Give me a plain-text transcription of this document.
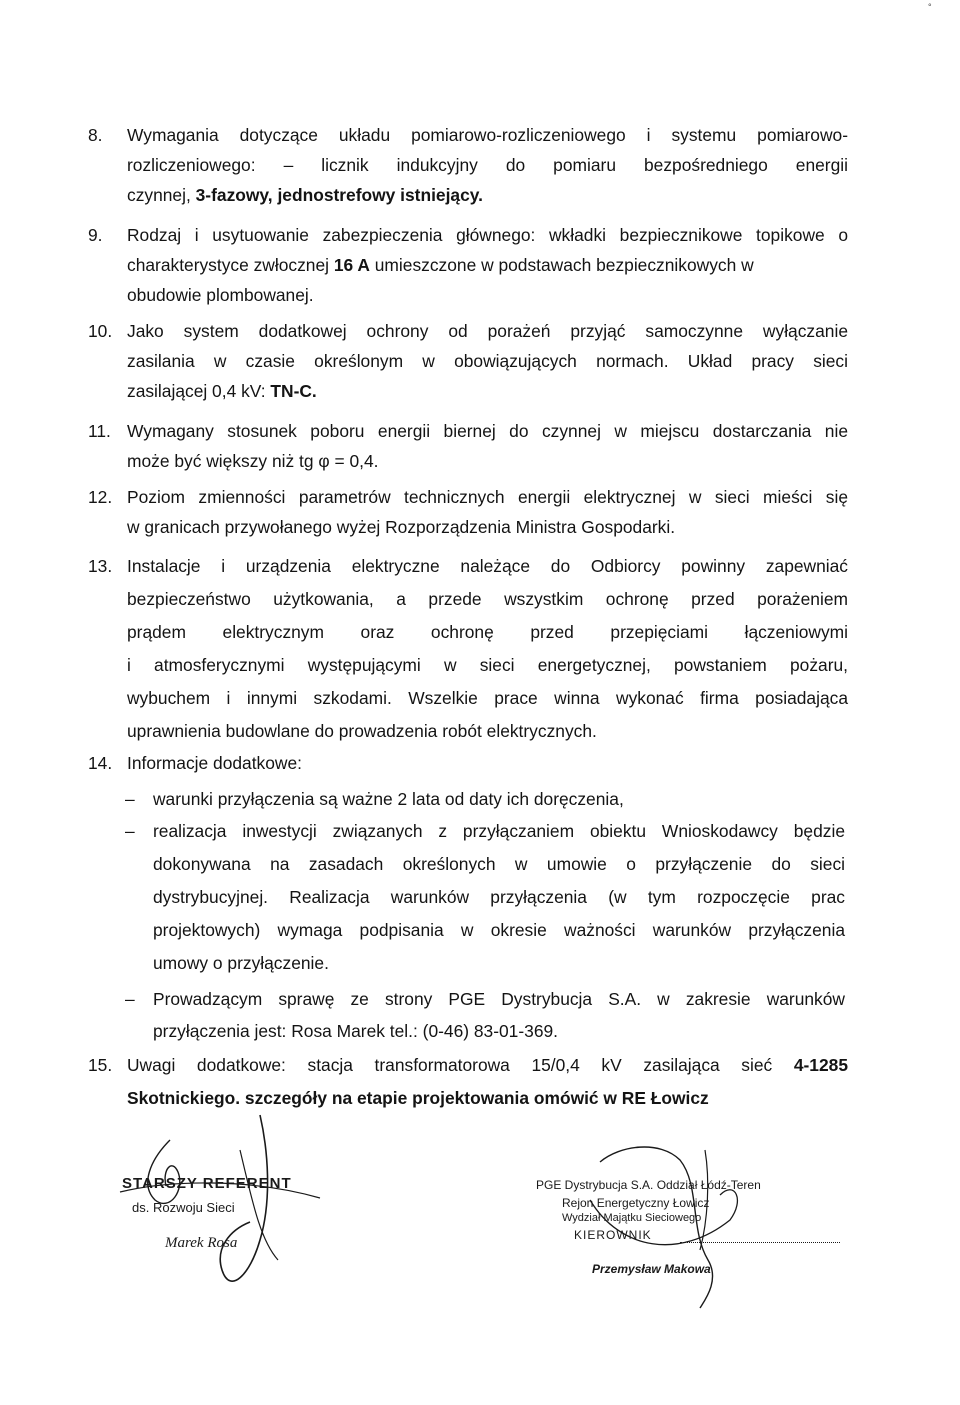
°
8.	Wymagania dotyczące układu pomiarowo-rozliczeniowego i systemu pomiarowo-
rozliczeniowego: – licznik indukcyjny do pomiaru bezpośredniego energii
czynnej, 3-fazowy, jednostrefowy istniejący.
9.	Rodzaj i usytuowanie zabezpieczenia głównego: wkładki bezpiecznikowe topikowe o
charakterystyce zwłocznej 16 A umieszczone w podstawach bezpiecznikowych w
obudowie plombowanej.
10. Jako system dodatkowej ochrony od porażeń przyjąć samoczynne wyłączanie
zasilania w czasie określonym w obowiązujących normach. Układ pracy sieci
zasilającej 0,4 kV: TN-C.
11. Wymagany stosunek poboru energii biernej do czynnej w miejscu dostarczania nie
może być większy niż tg φ = 0,4.
12. Poziom zmienności parametrów technicznych energii elektrycznej w sieci mieści się
w granicach przywołanego wyżej Rozporządzenia Ministra Gospodarki.
13. Instalacje i urządzenia elektryczne należące do Odbiorcy powinny zapewniać
bezpieczeństwo użytkowania, a przede wszystkim ochronę przed porażeniem
prądem elektrycznym oraz ochronę przed przepięciami łączeniowymi
i atmosferycznymi występującymi w sieci energetycznej, powstaniem pożaru,
wybuchem i innymi szkodami. Wszelkie prace winna wykonać firma posiadająca
uprawnienia budowlane do prowadzenia robót elektrycznych.
14. Informacje dodatkowe:
– warunki przyłączenia są ważne 2 lata od daty ich doręczenia,
– realizacja inwestycji związanych z przyłączaniem obiektu Wnioskodawcy będzie
dokonywana na zasadach określonych w umowie o przyłączenie do sieci
dystrybucyjnej. Realizacja warunków przyłączenia (w tym rozpoczęcie prac
projektowych) wymaga podpisania w okresie ważności warunków przyłączenia
umowy o przyłączenie.
– Prowadzącym sprawę ze strony PGE Dystrybucja S.A. w zakresie warunków
przyłączenia jest: Rosa Marek tel.: (0-46) 83-01-369.
15. Uwagi dodatkowe: stacja transformatorowa 15/0,4 kV zasilająca sieć 4-1285
Skotnickiego. szczegóły na etapie projektowania omówić w RE Łowicz
STARSZY REFERENT
ds. Rozwoju Sieci
Marek Rosa
PGE Dystrybucja S.A. Oddział Łódź-Teren
Rejon Energetyczny Łowicz
Wydział Majątku Sieciowego
KIEROWNIK
Przemysław Makowa
